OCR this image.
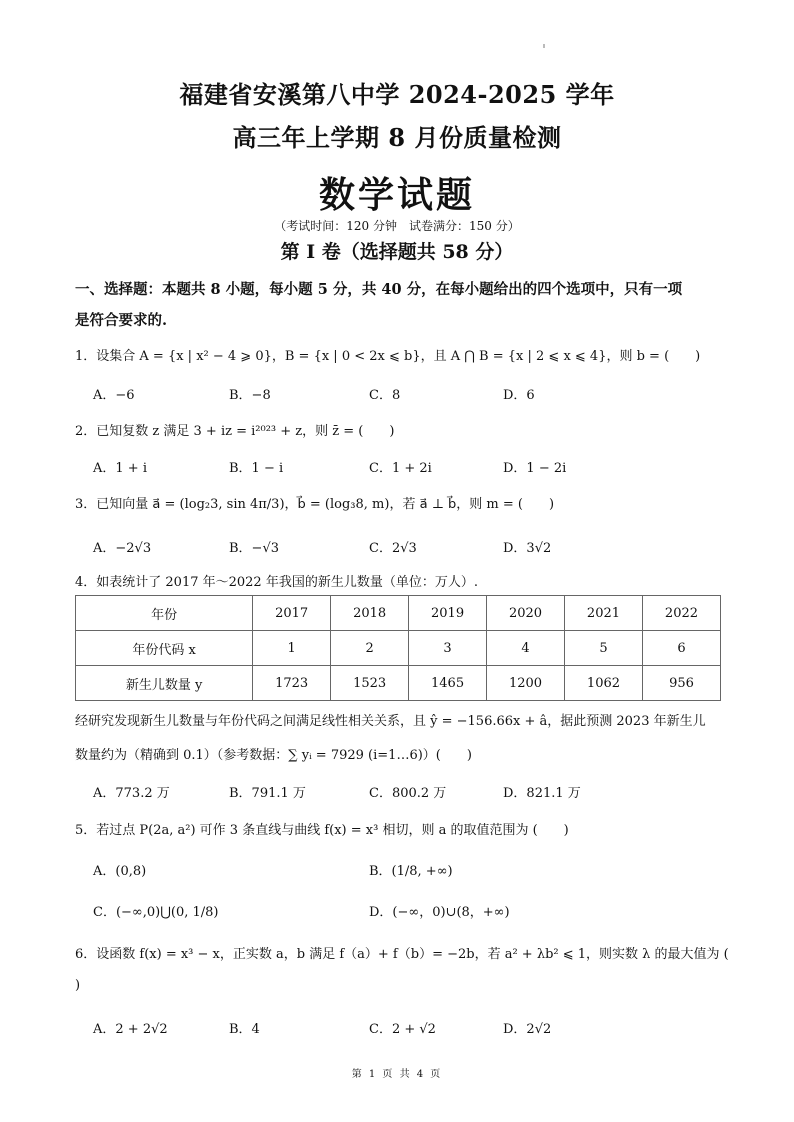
福建省安溪第八中学 2024-2025 学年
高三年上学期 8 月份质量检测
数学试题
（考试时间：120 分钟　试卷满分：150 分）
第 I 卷（选择题共 58 分）
一、选择题：本题共 8 小题，每小题 5 分，共 40 分，在每小题给出的四个选项中，只有一项
是符合要求的.
1．设集合 A = {x | x² − 4 ⩾ 0}，B = {x | 0 < 2x ⩽ b}，且 A ⋂ B = {x | 2 ⩽ x ⩽ 4}，则 b = (　　)
A．−6	B．−8	C．8	D．6
2．已知复数 z 满足 3 + iz = i²⁰²³ + z，则 z̄ = (　　)
A．1 + i	B．1 − i	C．1 + 2i	D．1 − 2i
3．已知向量 a⃗ = (log₂3, sin 4π/3)，b⃗ = (log₃8, m)，若 a⃗ ⊥ b⃗，则 m = (　　)
A．−2√3	B．−√3	C．2√3	D．3√2
4．如表统计了 2017 年～2022 年我国的新生儿数量（单位：万人）.
年份	2017	2018	2019	2020	2021	2022
年份代码 x	1	2	3	4	5	6
新生儿数量 y	1723	1523	1465	1200	1062	956
经研究发现新生儿数量与年份代码之间满足线性相关关系，且 ŷ = −156.66x + â，据此预测 2023 年新生儿
数量约为（精确到 0.1）（参考数据：∑ yᵢ = 7929 (i=1…6)）(　　)
A．773.2 万	B．791.1 万	C．800.2 万	D．821.1 万
5．若过点 P(2a, a²) 可作 3 条直线与曲线 f(x) = x³ 相切，则 a 的取值范围为 (　　)
A．(0,8)	B．(1/8, +∞)
C．(−∞,0)⋃(0, 1/8)	D．(−∞，0)∪(8，+∞)
6．设函数 f(x) = x³ − x，正实数 a，b 满足 f（a）+ f（b）= −2b，若 a² + λb² ⩽ 1，则实数 λ 的最大值为 (
)
A．2 + 2√2	B．4	C．2 + √2	D．2√2
第 1 页 共 4 页
